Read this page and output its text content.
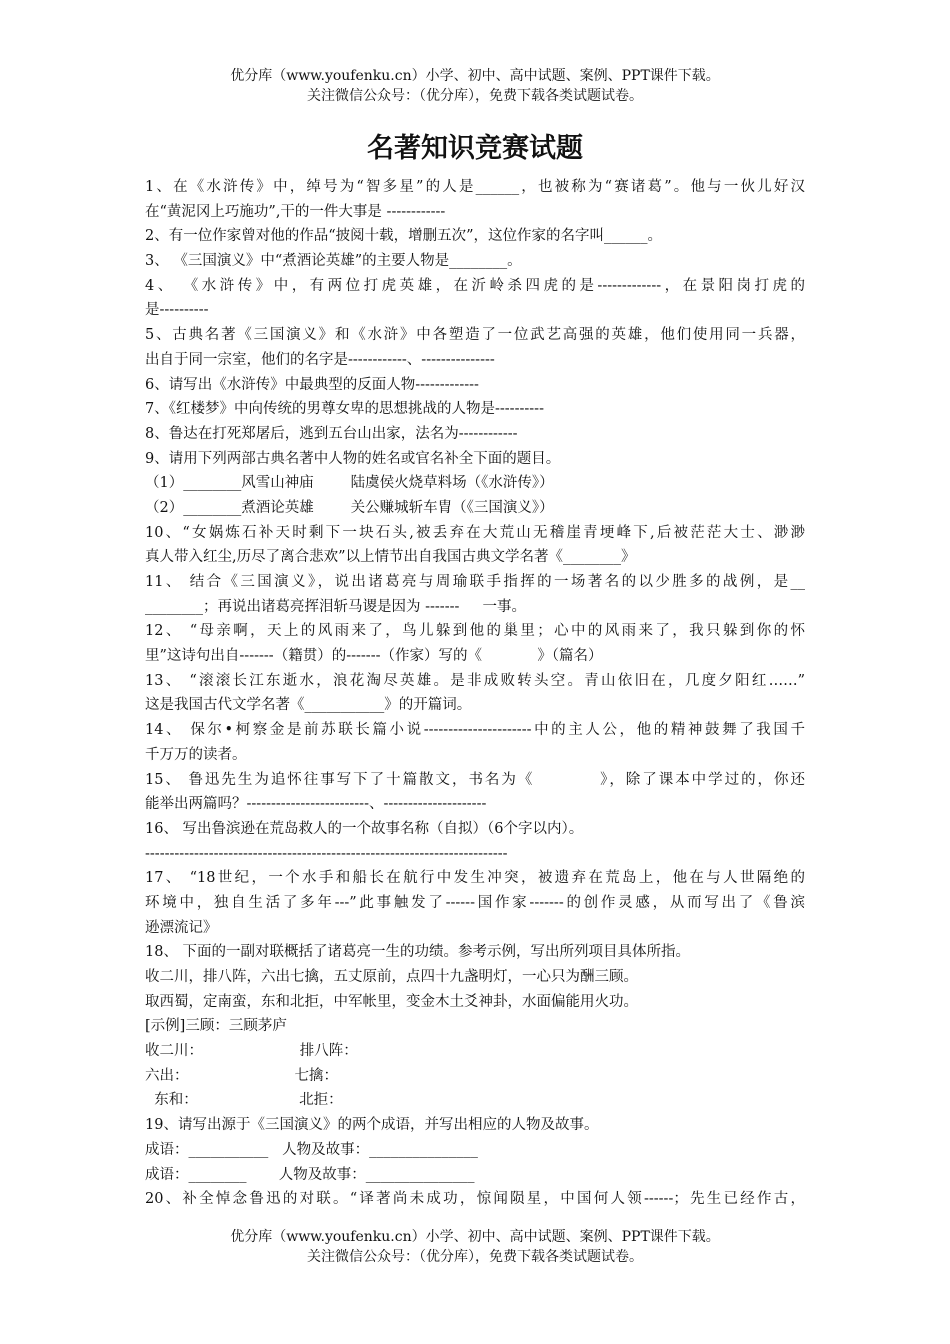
优分库（www.youfenku.cn）小学、初中、高中试题、案例、PPT课件下载。
关注微信公众号：（优分库），免费下载各类试题试卷。
名著知识竞赛试题
1、在《水浒传》中，绰号为“智多星”的人是______，也被称为“赛诸葛”。他与一伙儿好汉
在“黄泥冈上巧施功”,干的一件大事是 ------------
2、有一位作家曾对他的作品“披阅十载，增删五次”，这位作家的名字叫______。
3、 《三国演义》中“煮酒论英雄”的主要人物是________。
4、 《水浒传》中，有两位打虎英雄，在沂岭杀四虎的是-------------，在景阳岗打虎的
是----------
5、古典名著《三国演义》和《水浒》中各塑造了一位武艺高强的英雄，他们使用同一兵器，
出自于同一宗室，他们的名字是------------、---------------
6、请写出《水浒传》中最典型的反面人物-------------
7、《红楼梦》中向传统的男尊女卑的思想挑战的人物是----------
8、鲁达在打死郑屠后，逃到五台山出家，法名为------------
9、请用下列两部古典名著中人物的姓名或官名补全下面的题目。
（1）________风雪山神庙        陆虞侯火烧草料场（《水浒传》）
（2）________煮酒论英雄        关公赚城斩车胄（《三国演义》）
10、“女娲炼石补天时剩下一块石头,被丢弃在大荒山无稽崖青埂峰下,后被茫茫大士、渺渺
真人带入红尘,历尽了离合悲欢”以上情节出自我国古典文学名著《________》
11、 结合《三国演义》，说出诸葛亮与周瑜联手指挥的一场著名的以少胜多的战例，是__
________；再说出诸葛亮挥泪斩马谡是因为 -------     一事。
12、 “母亲啊，天上的风雨来了，鸟儿躲到他的巢里；心中的风雨来了，我只躲到你的怀
里”这诗句出自-------（籍贯）的-------（作家）写的《            》（篇名）
13、 “滚滚长江东逝水，浪花淘尽英雄。是非成败转头空。青山依旧在，几度夕阳红……”
这是我国古代文学名著《___________》的开篇词。
14、 保尔•柯察金是前苏联长篇小说----------------------中的主人公，他的精神鼓舞了我国千
千万万的读者。
15、 鲁迅先生为追怀往事写下了十篇散文，书名为《          》，除了课本中学过的，你还
能举出两篇吗？-------------------------、---------------------
16、 写出鲁滨逊在荒岛救人的一个故事名称（自拟）（6个字以内）。
--------------------------------------------------------------------------
17、 “18世纪，一个水手和船长在航行中发生冲突，被遗弃在荒岛上，他在与人世隔绝的
环境中，独自生活了多年---”此事触发了------国作家-------的创作灵感，从而写出了《鲁滨
逊漂流记》
18、 下面的一副对联概括了诸葛亮一生的功绩。参考示例，写出所列项目具体所指。
收二川，排八阵，六出七擒，五丈原前，点四十九盏明灯，一心只为酬三顾。
取西蜀，定南蛮，东和北拒，中军帐里，变金木土爻神卦，水面偏能用火功。
[示例]三顾：三顾茅庐
收二川：                     排八阵：
六出：                       七擒：
东和：                      北拒：
19、请写出源于《三国演义》的两个成语，并写出相应的人物及故事。
成语：___________   人物及故事：_______________
成语：________       人物及故事：_______________
20、补全悼念鲁迅的对联。“译著尚未成功，惊闻陨星，中国何人领------；先生已经作古，
优分库（www.youfenku.cn）小学、初中、高中试题、案例、PPT课件下载。
关注微信公众号：（优分库），免费下载各类试题试卷。
